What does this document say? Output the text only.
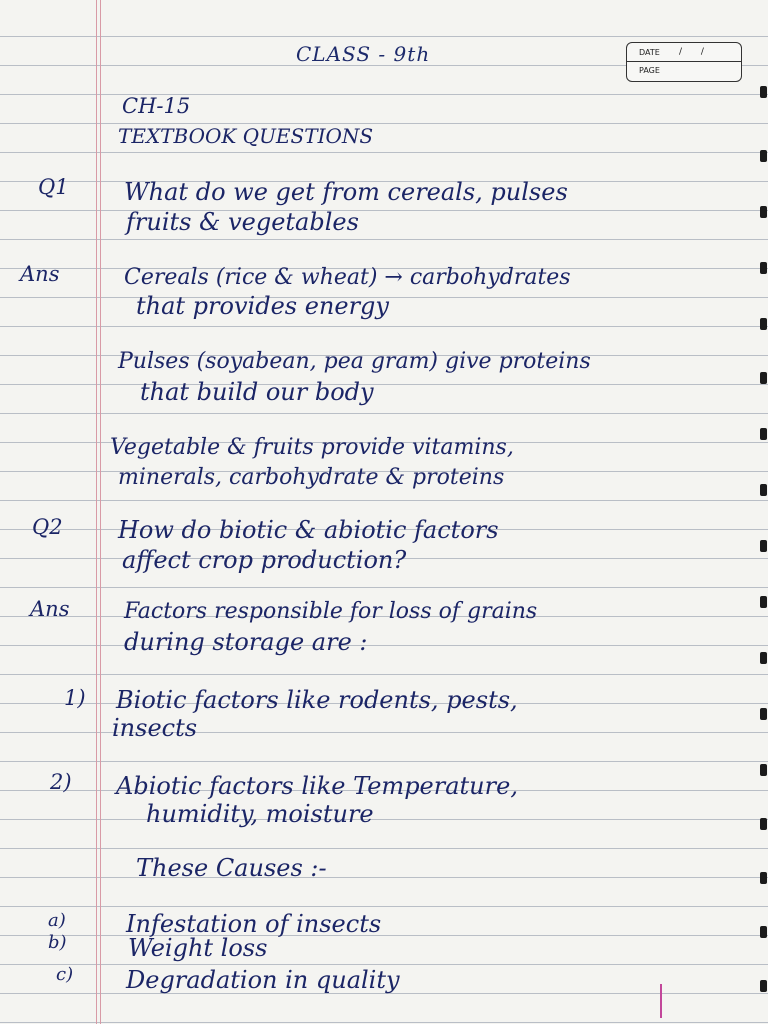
CLASS - 9th	DATE / /
PAGE
CH-15
TEXTBOOK QUESTIONS
Q1 What do we get from cereals, pulses
fruits & vegetables
Ans	Cereals (rice & wheat) → carbohydrates
that provides energy
Pulses (soyabean, pea gram) give proteins
that build our body
Vegetable & fruits provide vitamins,
minerals, carbohydrate & proteins
Q2 How do biotic & abiotic factors
affect crop production?
Ans Factors responsible for loss of grains
during storage are :
1) Biotic factors like rodents, pests,
insects
2) Abiotic factors like Temperature,
humidity, moisture
These Causes :-
a)	Infestation of insects
b)	Weight loss
c) Degradation in quality
